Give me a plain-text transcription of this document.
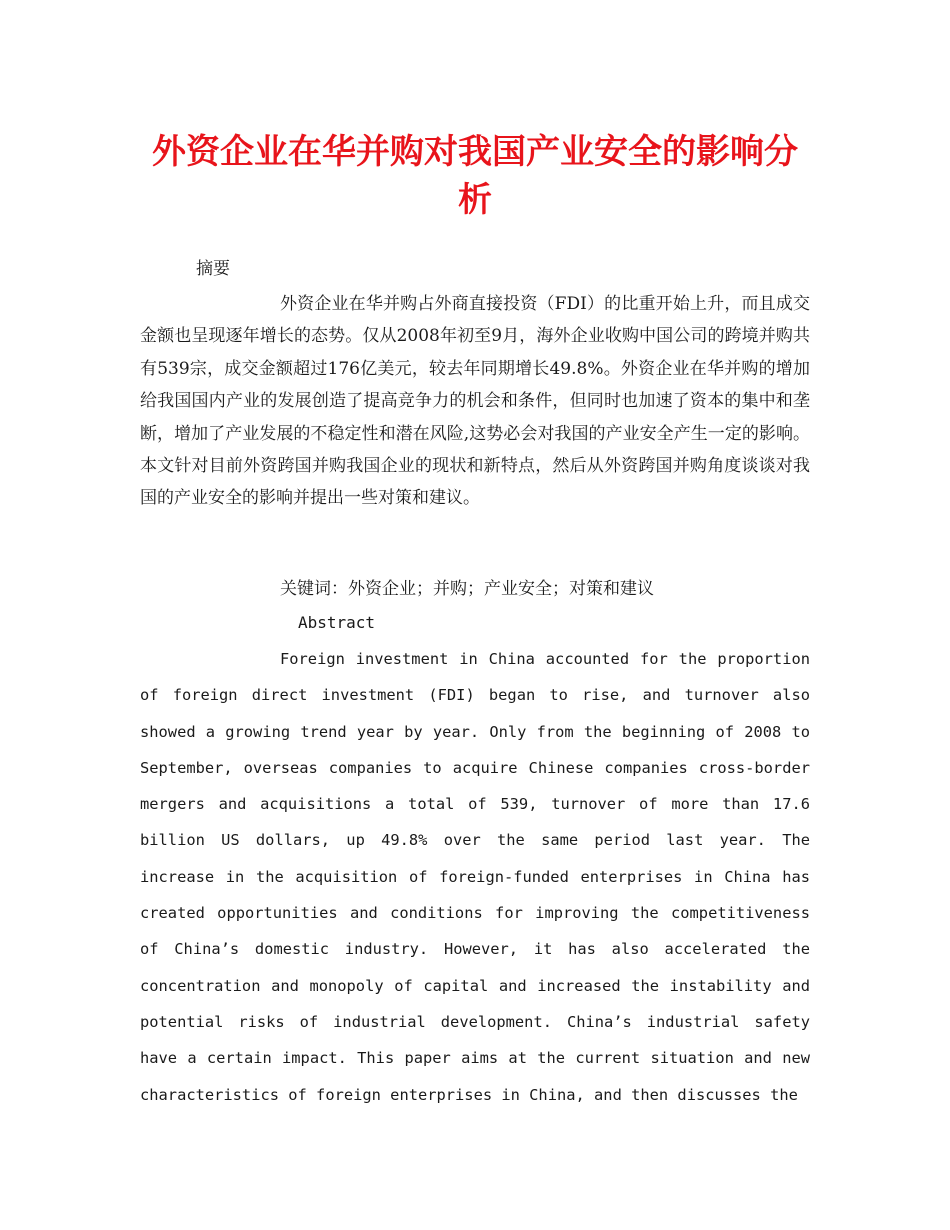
外资企业在华并购对我国产业安全的影响分析
摘要

外资企业在华并购占外商直接投资（FDI）的比重开始上升，而且成交金额也呈现逐年增长的态势。仅从2008年初至9月，海外企业收购中国公司的跨境并购共有539宗，成交金额超过176亿美元，较去年同期增长49.8%。外资企业在华并购的增加给我国国内产业的发展创造了提高竞争力的机会和条件，但同时也加速了资本的集中和垄断，增加了产业发展的不稳定性和潜在风险,这势必会对我国的产业安全产生一定的影响。本文针对目前外资跨国并购我国企业的现状和新特点，然后从外资跨国并购角度谈谈对我国的产业安全的影响并提出一些对策和建议。

关键词：外资企业；并购；产业安全；对策和建议
Abstract

Foreign investment in China accounted for the proportion of foreign direct investment (FDI) began to rise, and turnover also showed a growing trend year by year. Only from the beginning of 2008 to September, overseas companies to acquire Chinese companies cross-border mergers and acquisitions a total of 539, turnover of more than 17.6 billion US dollars, up 49.8% over the same period last year. The increase in the acquisition of foreign-funded enterprises in China has created opportunities and conditions for improving the competitiveness of China’s domestic industry. However, it has also accelerated the concentration and monopoly of capital and increased the instability and potential risks of industrial development. China’s industrial safety have a certain impact. This paper aims at the current situation and new characteristics of foreign enterprises in China, and then discusses the
